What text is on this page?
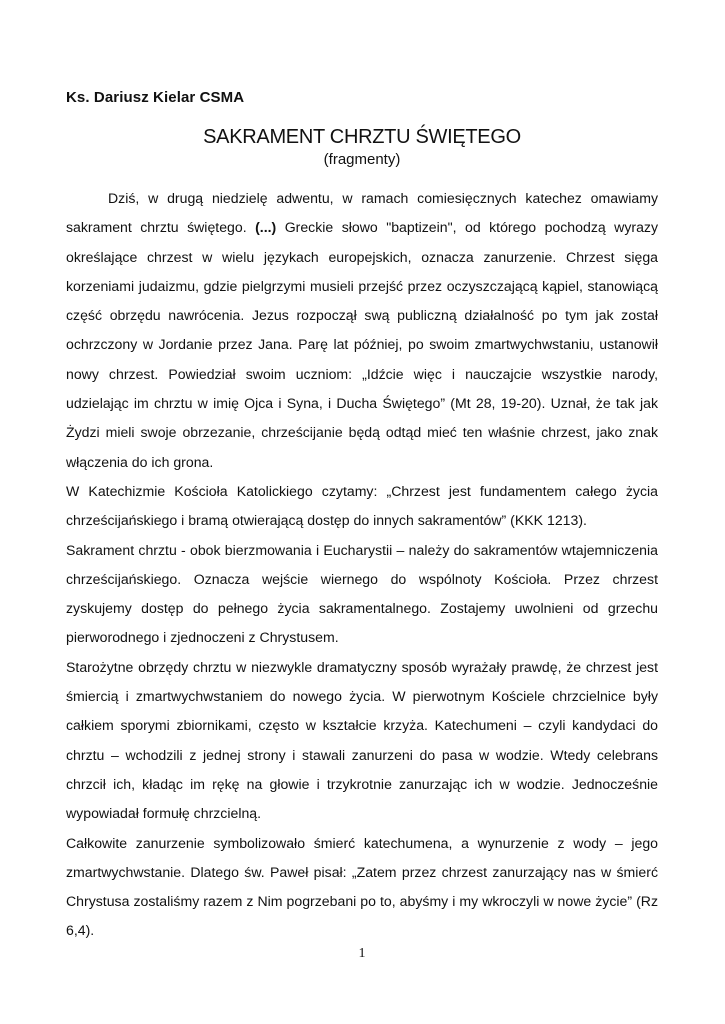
Ks. Dariusz Kielar CSMA
SAKRAMENT CHRZTU ŚWIĘTEGO
(fragmenty)

Dziś, w drugą niedzielę adwentu, w ramach comiesięcznych katechez omawiamy sakrament chrztu świętego. (...) Greckie słowo "baptizein", od którego pochodzą wyrazy określające chrzest w wielu językach europejskich, oznacza zanurzenie. Chrzest sięga korzeniami judaizmu, gdzie pielgrzymi musieli przejść przez oczyszczającą kąpiel, stanowiącą część obrzędu nawrócenia. Jezus rozpoczął swą publiczną działalność po tym jak został ochrzczony w Jordanie przez Jana. Parę lat później, po swoim zmartwychwstaniu, ustanowił nowy chrzest. Powiedział swoim uczniom: „Idźcie więc i nauczajcie wszystkie narody, udzielając im chrztu w imię Ojca i Syna, i Ducha Świętego” (Mt 28, 19-20). Uznał, że tak jak Żydzi mieli swoje obrzezanie, chrześcijanie będą odtąd mieć ten właśnie chrzest, jako znak włączenia do ich grona.

W Katechizmie Kościoła Katolickiego czytamy: „Chrzest jest fundamentem całego życia chrześcijańskiego i bramą otwierającą dostęp do innych sakramentów” (KKK 1213).

Sakrament chrztu - obok bierzmowania i Eucharystii – należy do sakramentów wtajemniczenia chrześcijańskiego. Oznacza wejście wiernego do wspólnoty Kościoła. Przez chrzest zyskujemy dostęp do pełnego życia sakramentalnego. Zostajemy uwolnieni od grzechu pierworodnego i zjednoczeni z Chrystusem.

Starożytne obrzędy chrztu w niezwykle dramatyczny sposób wyrażały prawdę, że chrzest jest śmiercią i zmartwychwstaniem do nowego życia. W pierwotnym Kościele chrzcielnice były całkiem sporymi zbiornikami, często w kształcie krzyża. Katechumeni – czyli kandydaci do chrztu – wchodzili z jednej strony i stawali zanurzeni do pasa w wodzie. Wtedy celebrans chrzcił ich, kładąc im rękę na głowie i trzykrotnie zanurzając ich w wodzie. Jednocześnie wypowiadał formułę chrzcielną.

Całkowite zanurzenie symbolizowało śmierć katechumena, a wynurzenie z wody – jego zmartwychwstanie. Dlatego św. Paweł pisał: „Zatem przez chrzest zanurzający nas w śmierć Chrystusa zostaliśmy razem z Nim pogrzebani po to, abyśmy i my wkroczyli w nowe życie” (Rz 6,4).

1
